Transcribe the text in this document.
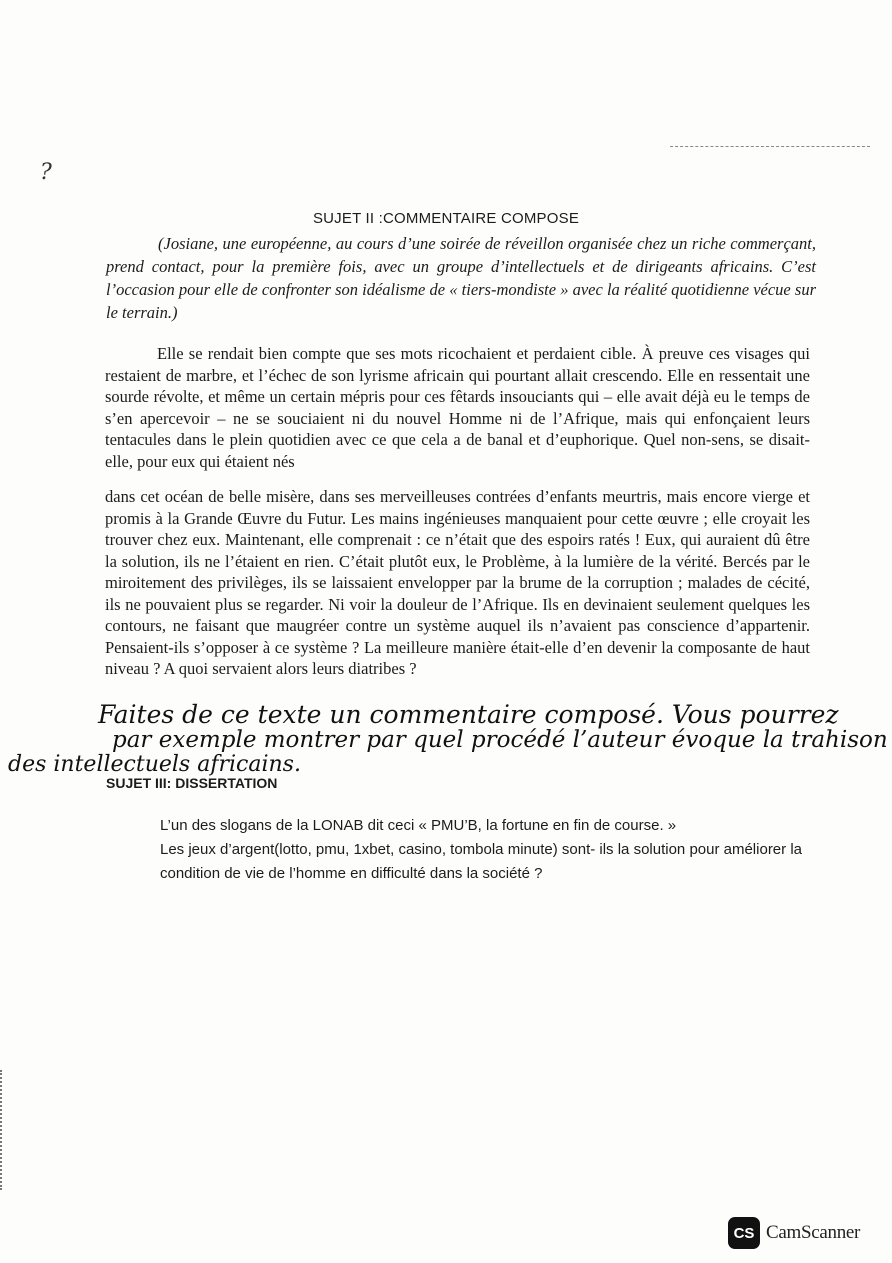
?
SUJET II :COMMENTAIRE COMPOSE
(Josiane, une européenne, au cours d’une soirée de réveillon organisée chez un riche commerçant, prend contact, pour la première fois, avec un groupe d’intellectuels et de dirigeants africains. C’est l’occasion pour elle de confronter son idéalisme de « tiers-mondiste » avec la réalité quotidienne vécue sur le terrain.)
Elle se rendait bien compte que ses mots ricochaient et perdaient cible. À preuve ces visages qui restaient de marbre, et l’échec de son lyrisme africain qui pourtant allait crescendo. Elle en ressentait une sourde révolte, et même un certain mépris pour ces fêtards insouciants qui – elle avait déjà eu le temps de s’en apercevoir – ne se souciaient ni du nouvel Homme ni de l’Afrique, mais qui enfonçaient leurs tentacules dans le plein quotidien avec ce que cela a de banal et d’euphorique. Quel non-sens, se disait-elle, pour eux qui étaient nés
dans cet océan de belle misère, dans ses merveilleuses contrées d’enfants meurtris, mais encore vierge et promis à la Grande Œuvre du Futur. Les mains ingénieuses manquaient pour cette œuvre ; elle croyait les trouver chez eux. Maintenant, elle comprenait : ce n’était que des espoirs ratés ! Eux, qui auraient dû être la solution, ils ne l’étaient en rien. C’était plutôt eux, le Problème, à la lumière de la vérité. Bercés par le miroitement des privilèges, ils se laissaient envelopper par la brume de la corruption ; malades de cécité, ils ne pouvaient plus se regarder. Ni voir la douleur de l’Afrique. Ils en devinaient seulement quelques les contours, ne faisant que maugréer contre un système auquel ils n’avaient pas conscience d’appartenir. Pensaient-ils s’opposer à ce système ? La meilleure manière était-elle d’en devenir la composante de haut niveau ? A quoi servaient alors leurs diatribes ?
Faites de ce texte un commentaire composé. Vous pourrez
par exemple montrer par quel procédé l’auteur évoque la trahison
des intellectuels africains.
SUJET III: DISSERTATION
L’un des slogans de la LONAB dit ceci « PMU’B, la fortune en fin de course. »
Les jeux d’argent(lotto, pmu, 1xbet, casino, tombola minute) sont- ils la solution pour améliorer la condition de vie de l’homme en difficulté dans la société ?
CS CamScanner
